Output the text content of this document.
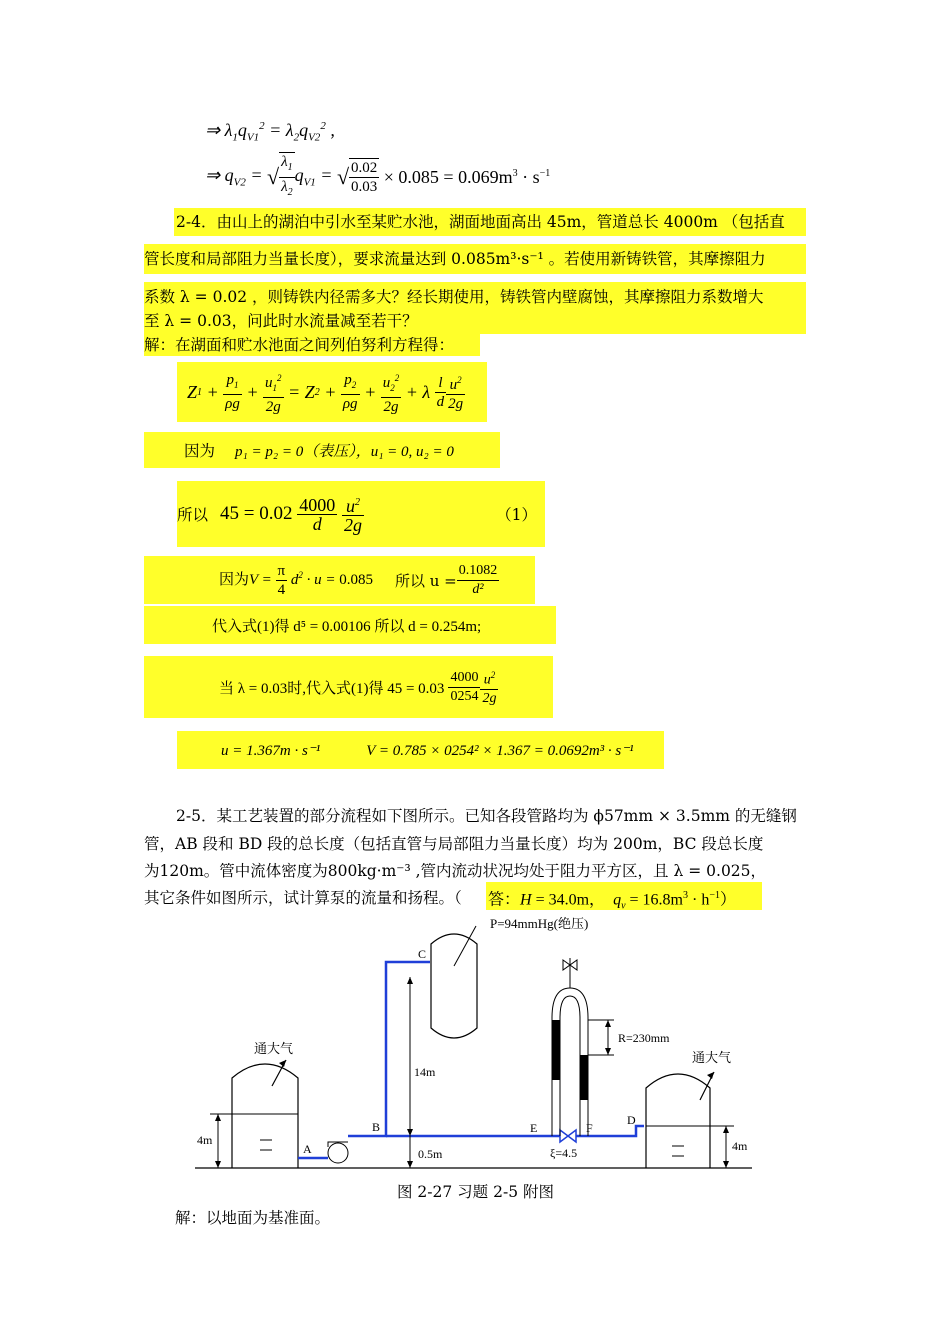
⇒ $\lambda_1q_{V1}^2 = \lambda_2q_{V2}^2$ ,
⇒ $q_{V2}$ = √ $\frac{\lambda_1}{\lambda_2} q_{V1}$ = √ $\frac{0.02}{0.03} \times 0.085 = 0.069m^3 \cdot s^{-1}$
2-4．由山上的湖泊中引水至某贮水池，湖面地面高出 45m，管道总长 4000m （包括直
管长度和局部阻力当量长度），要求流量达到 0.085m³·s⁻¹ 。若使用新铸铁管，其摩擦阻力
系数 λ = 0.02 ，则铸铁内径需多大？经长期使用，铸铁管内壁腐蚀，其摩擦阻力系数增大
至 λ = 0.03，问此时水流量减至若干？
解：在湖面和贮水池面之间列伯努利方程得：
Z $1 + \frac{p_1}{\rho g} + \frac{u_1^2}{2g} = Z$ $2 + \frac{p_2}{\rho g} + \frac{u_2^2}{2g} + \lambda \frac{l}{d} \frac{u^2}{2g}$
因为 p₁ = p₂ = 0（表压），u₁ = 0, u₂ = 0
所以 45 = 0.02
$\frac{4000}{d}$
$\frac{u^2}{2g}$	（1）
因为$V = \frac{\pi}{4} d^2 \cdot u = 0.085$ 所以 $u = \frac{0.1082}{\text{d²}}$
代入式(1)得 d⁵ = 0.00106 所以 d = 0.254m;
当 λ = 0.03时,代入式(1)得 $45 = 0.03 \frac{4000}{0254} \frac{u^2}{2g}$
u = 1.367m · s⁻¹	V = 0.785 × 0254² × 1.367 = 0.0692m³ · s⁻¹
2-5．某工艺装置的部分流程如下图所示。已知各段管路均为 ϕ57mm × 3.5mm 的无缝钢
管，AB 段和 BD 段的总长度（包括直管与局部阻力当量长度）均为 200m，BC 段总长度
为120m。管中流体密度为800kg·m⁻³ ,管内流动状况均处于阻力平方区，且 λ = 0.025，
其它条件如图所示，试计算泵的流量和扬程。（ 答：H = 34.0m，  $q_v = 16.8m^3 \cdot h^{-1}$）
通大气
4m
A
B
C
E	F
D
ξ=4.5
14m
0.5m
P=94mmHg(绝压)
R=230mm
通大气
4m
图 2-27 习题 2-5 附图
解：以地面为基准面。
